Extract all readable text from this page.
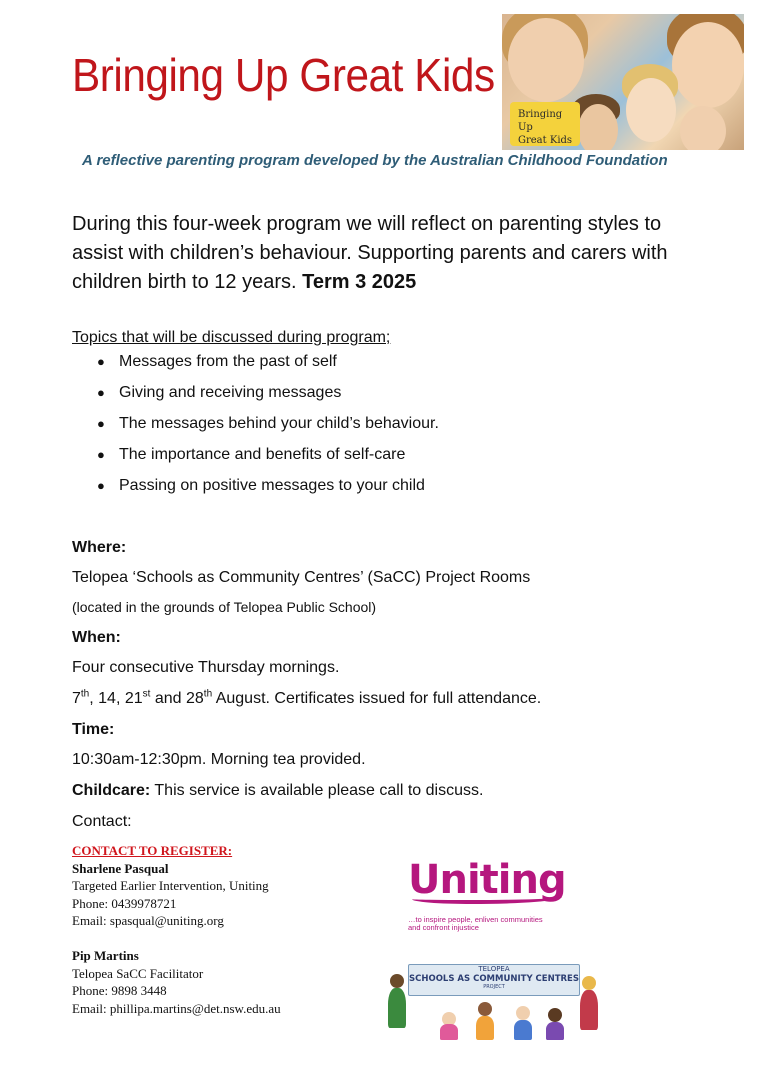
Bringing Up Great Kids
Bringing Up
Great Kids

A reflective parenting program developed by the Australian Childhood Foundation

During this four-week program we will reflect on parenting styles to assist with children’s behaviour. Supporting parents and carers with children birth to 12 years. Term 3 2025

Topics that will be discussed during program;

● Messages from the past of self
● Giving and receiving messages
● The messages behind your child’s behaviour.
● The importance and benefits of self-care
● Passing on positive messages to your child

Where:

Telopea ‘Schools as Community Centres’ (SaCC) Project Rooms

(located in the grounds of Telopea Public School)

When:

Four consecutive Thursday mornings.

7th, 14, 21st and 28th August. Certificates issued for full attendance.

Time:

10:30am-12:30pm. Morning tea provided.

Childcare: This service is available please call to discuss.

Contact:

CONTACT TO REGISTER:
Sharlene Pasqual
Targeted Earlier Intervention, Uniting
Phone: 0439978721
Email: spasqual@uniting.org
Pip Martins
Telopea SaCC Facilitator
Phone: 9898 3448
Email: phillipa.martins@det.nsw.edu.au
Uniting
…to inspire people, enliven communities
and confront injustice
TELOPEA
SCHOOLS AS COMMUNITY CENTRES
PROJECT
